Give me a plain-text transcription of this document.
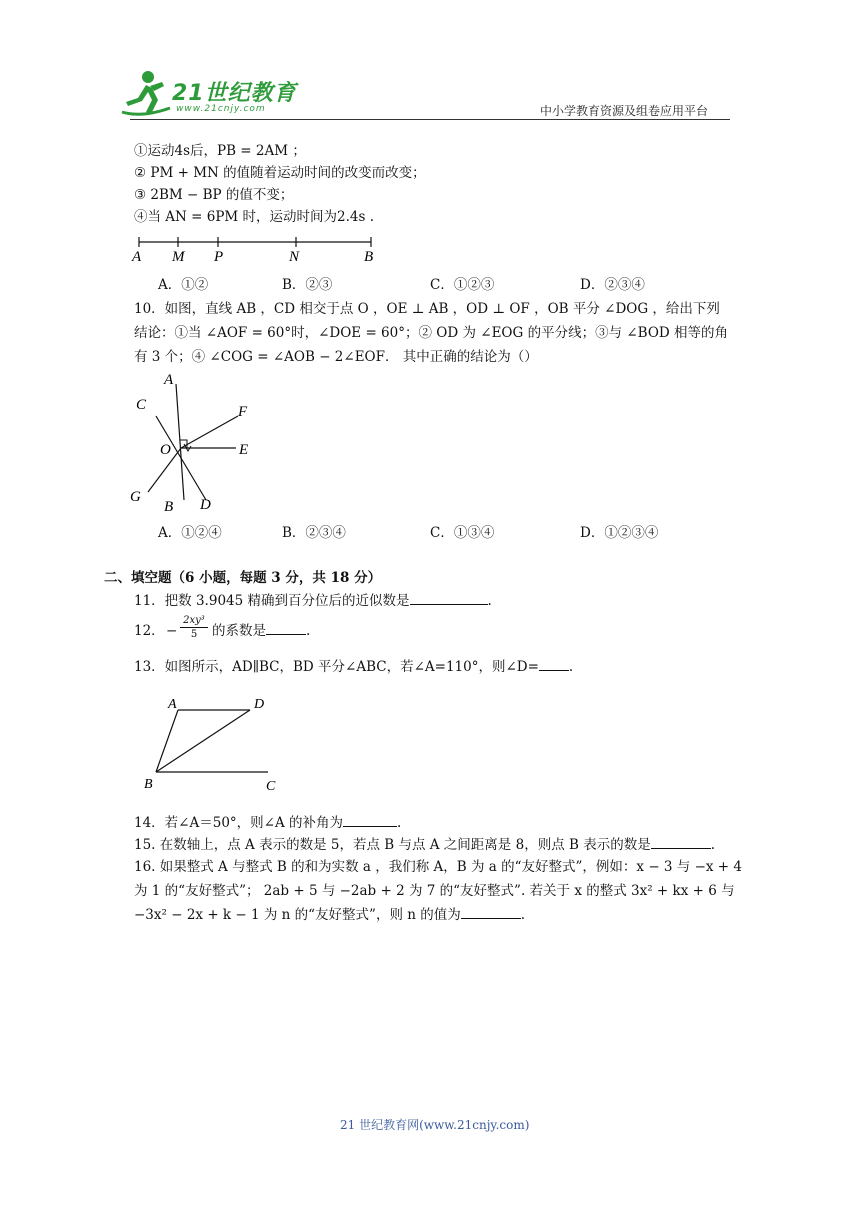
21世纪教育
www.21cnjy.com	中小学教育资源及组卷应用平台
①运动4s后，PB = 2AM ；
② PM + MN 的值随着运动时间的改变而改变；
③ 2BM − BP 的值不变；
④当 AN = 6PM 时，运动时间为2.4s .
A M P	N	B
A．①②	B．②③	C．①②③	D．②③④
10．如图，直线 AB ，CD 相交于点 O ，OE ⊥ AB ，OD ⊥ OF ，OB 平分 ∠DOG ，给出下列
结论：①当 ∠AOF = 60°时，∠DOE = 60°；② OD 为 ∠EOG 的平分线；③与 ∠BOD 相等的角
有 3 个；④ ∠COG = ∠AOB − 2∠EOF． 其中正确的结论为（）
A
C	F
O	E
G
B D
A．①②④	B．②③④	C．①③④	D．①②③④
二、填空题（6 小题，每题 3 分，共 18 分）
11．把数 3.9045 精确到百分位后的近似数是	.
12． − $\frac{\text{2xy³}}{5}$ 的系数是	.
13．如图所示，AD∥BC，BD 平分∠ABC，若∠A=110°，则∠D= .
A	D
B	C
14．若∠A＝50°，则∠A 的补角为	.
15. 在数轴上，点 A 表示的数是 5，若点 B 与点 A 之间距离是 8，则点 B 表示的数是	.
16. 如果整式 A 与整式 B 的和为实数 a ，我们称 A，B 为 a 的“友好整式”，例如：x − 3 与 −x + 4
为 1 的“友好整式”； 2ab + 5 与 −2ab + 2 为 7 的“友好整式”. 若关于 x 的整式 3x² + kx + 6 与
−3x² − 2x + k − 1 为 n 的“友好整式”，则 n 的值为	.
21 世纪教育网(www.21cnjy.com)
